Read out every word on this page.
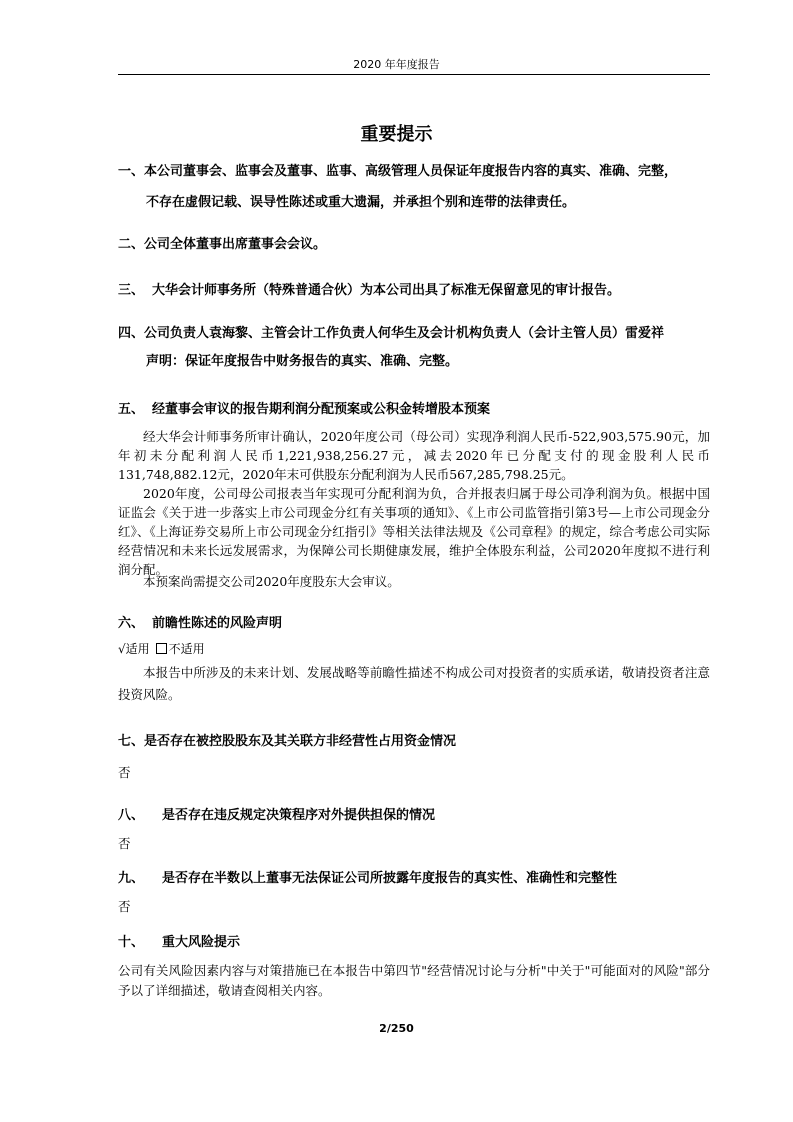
2020 年年度报告
重要提示
一、本公司董事会、监事会及董事、监事、高级管理人员保证年度报告内容的真实、准确、完整，
不存在虚假记载、误导性陈述或重大遗漏，并承担个别和连带的法律责任。
二、公司全体董事出席董事会会议。
三、 大华会计师事务所（特殊普通合伙）为本公司出具了标准无保留意见的审计报告。
四、公司负责人袁海黎、主管会计工作负责人何华生及会计机构负责人（会计主管人员）雷爱祥
声明：保证年度报告中财务报告的真实、准确、完整。
五、 经董事会审议的报告期利润分配预案或公积金转增股本预案
经大华会计师事务所审计确认，2020年度公司（母公司）实现净利润人民币-522,903,575.90元，加年初未分配利润人民币1,221,938,256.27元，减去2020年已分配支付的现金股利人民币131,748,882.12元，2020年末可供股东分配利润为人民币567,285,798.25元。
2020年度，公司母公司报表当年实现可分配利润为负，合并报表归属于母公司净利润为负。根据中国证监会《关于进一步落实上市公司现金分红有关事项的通知》、《上市公司监管指引第3号—上市公司现金分红》、《上海证券交易所上市公司现金分红指引》等相关法律法规及《公司章程》的规定，综合考虑公司实际经营情况和未来长远发展需求，为保障公司长期健康发展，维护全体股东利益，公司2020年度拟不进行利润分配。
本预案尚需提交公司2020年度股东大会审议。
六、 前瞻性陈述的风险声明
√适用 不适用
本报告中所涉及的未来计划、发展战略等前瞻性描述不构成公司对投资者的实质承诺，敬请投资者注意投资风险。
七、是否存在被控股股东及其关联方非经营性占用资金情况
否
八、 是否存在违反规定决策程序对外提供担保的情况
否
九、 是否存在半数以上董事无法保证公司所披露年度报告的真实性、准确性和完整性
否
十、 重大风险提示
公司有关风险因素内容与对策措施已在本报告中第四节"经营情况讨论与分析"中关于"可能面对的风险"部分予以了详细描述，敬请查阅相关内容。
2/250
